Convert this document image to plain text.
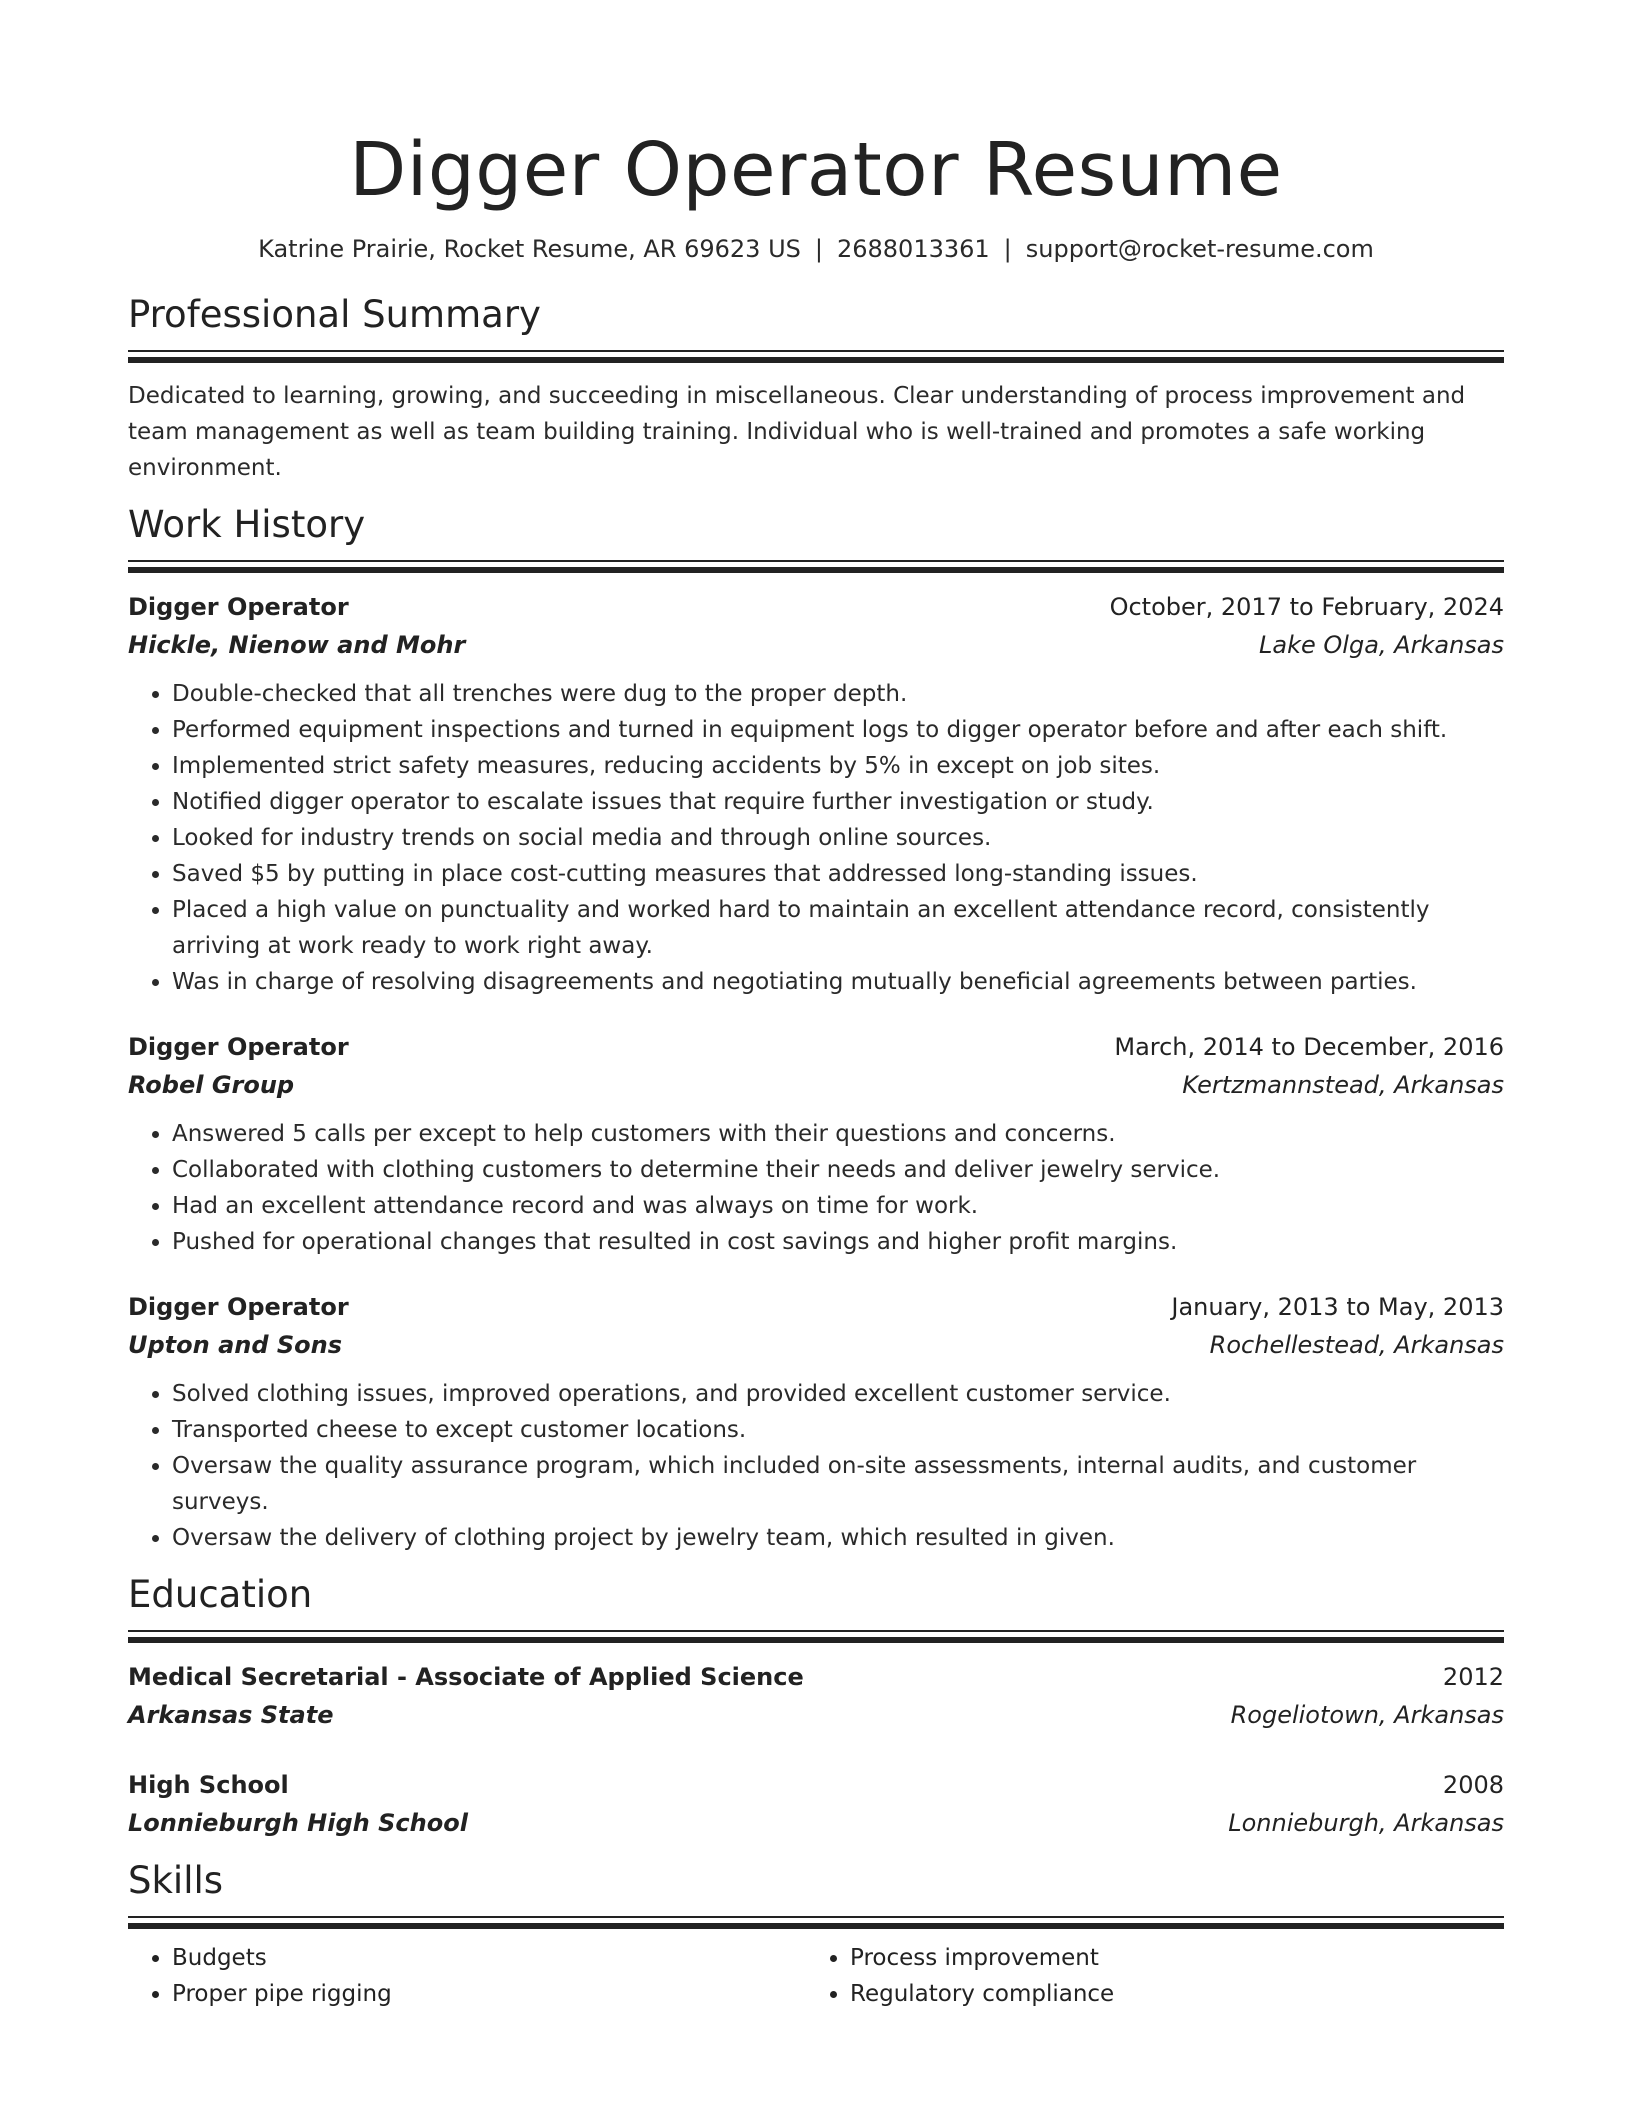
Digger Operator Resume
Katrine Prairie, Rocket Resume, AR 69623 US | 2688013361 | support@rocket-resume.com
Professional Summary
Dedicated to learning, growing, and succeeding in miscellaneous. Clear understanding of process improvement and team management as well as team building training. Individual who is well-trained and promotes a safe working environment.
Work History
Digger Operator	October, 2017 to February, 2024
Hickle, Nienow and Mohr	Lake Olga, Arkansas
• Double-checked that all trenches were dug to the proper depth.
• Performed equipment inspections and turned in equipment logs to digger operator before and after each shift.
• Implemented strict safety measures, reducing accidents by 5% in except on job sites.
• Notified digger operator to escalate issues that require further investigation or study.
• Looked for industry trends on social media and through online sources.
• Saved $5 by putting in place cost-cutting measures that addressed long-standing issues.
• Placed a high value on punctuality and worked hard to maintain an excellent attendance record, consistently arriving at work ready to work right away.
• Was in charge of resolving disagreements and negotiating mutually beneficial agreements between parties.
Digger Operator	March, 2014 to December, 2016
Robel Group	Kertzmannstead, Arkansas
• Answered 5 calls per except to help customers with their questions and concerns.
• Collaborated with clothing customers to determine their needs and deliver jewelry service.
• Had an excellent attendance record and was always on time for work.
• Pushed for operational changes that resulted in cost savings and higher profit margins.
Digger Operator	January, 2013 to May, 2013
Upton and Sons	Rochellestead, Arkansas
• Solved clothing issues, improved operations, and provided excellent customer service.
• Transported cheese to except customer locations.
• Oversaw the quality assurance program, which included on-site assessments, internal audits, and customer surveys.
• Oversaw the delivery of clothing project by jewelry team, which resulted in given.
Education
Medical Secretarial - Associate of Applied Science	2012
Arkansas State	Rogeliotown, Arkansas
High School	2008
Lonnieburgh High School	Lonnieburgh, Arkansas
Skills
• Budgets
• Proper pipe rigging
• Process improvement
• Regulatory compliance
